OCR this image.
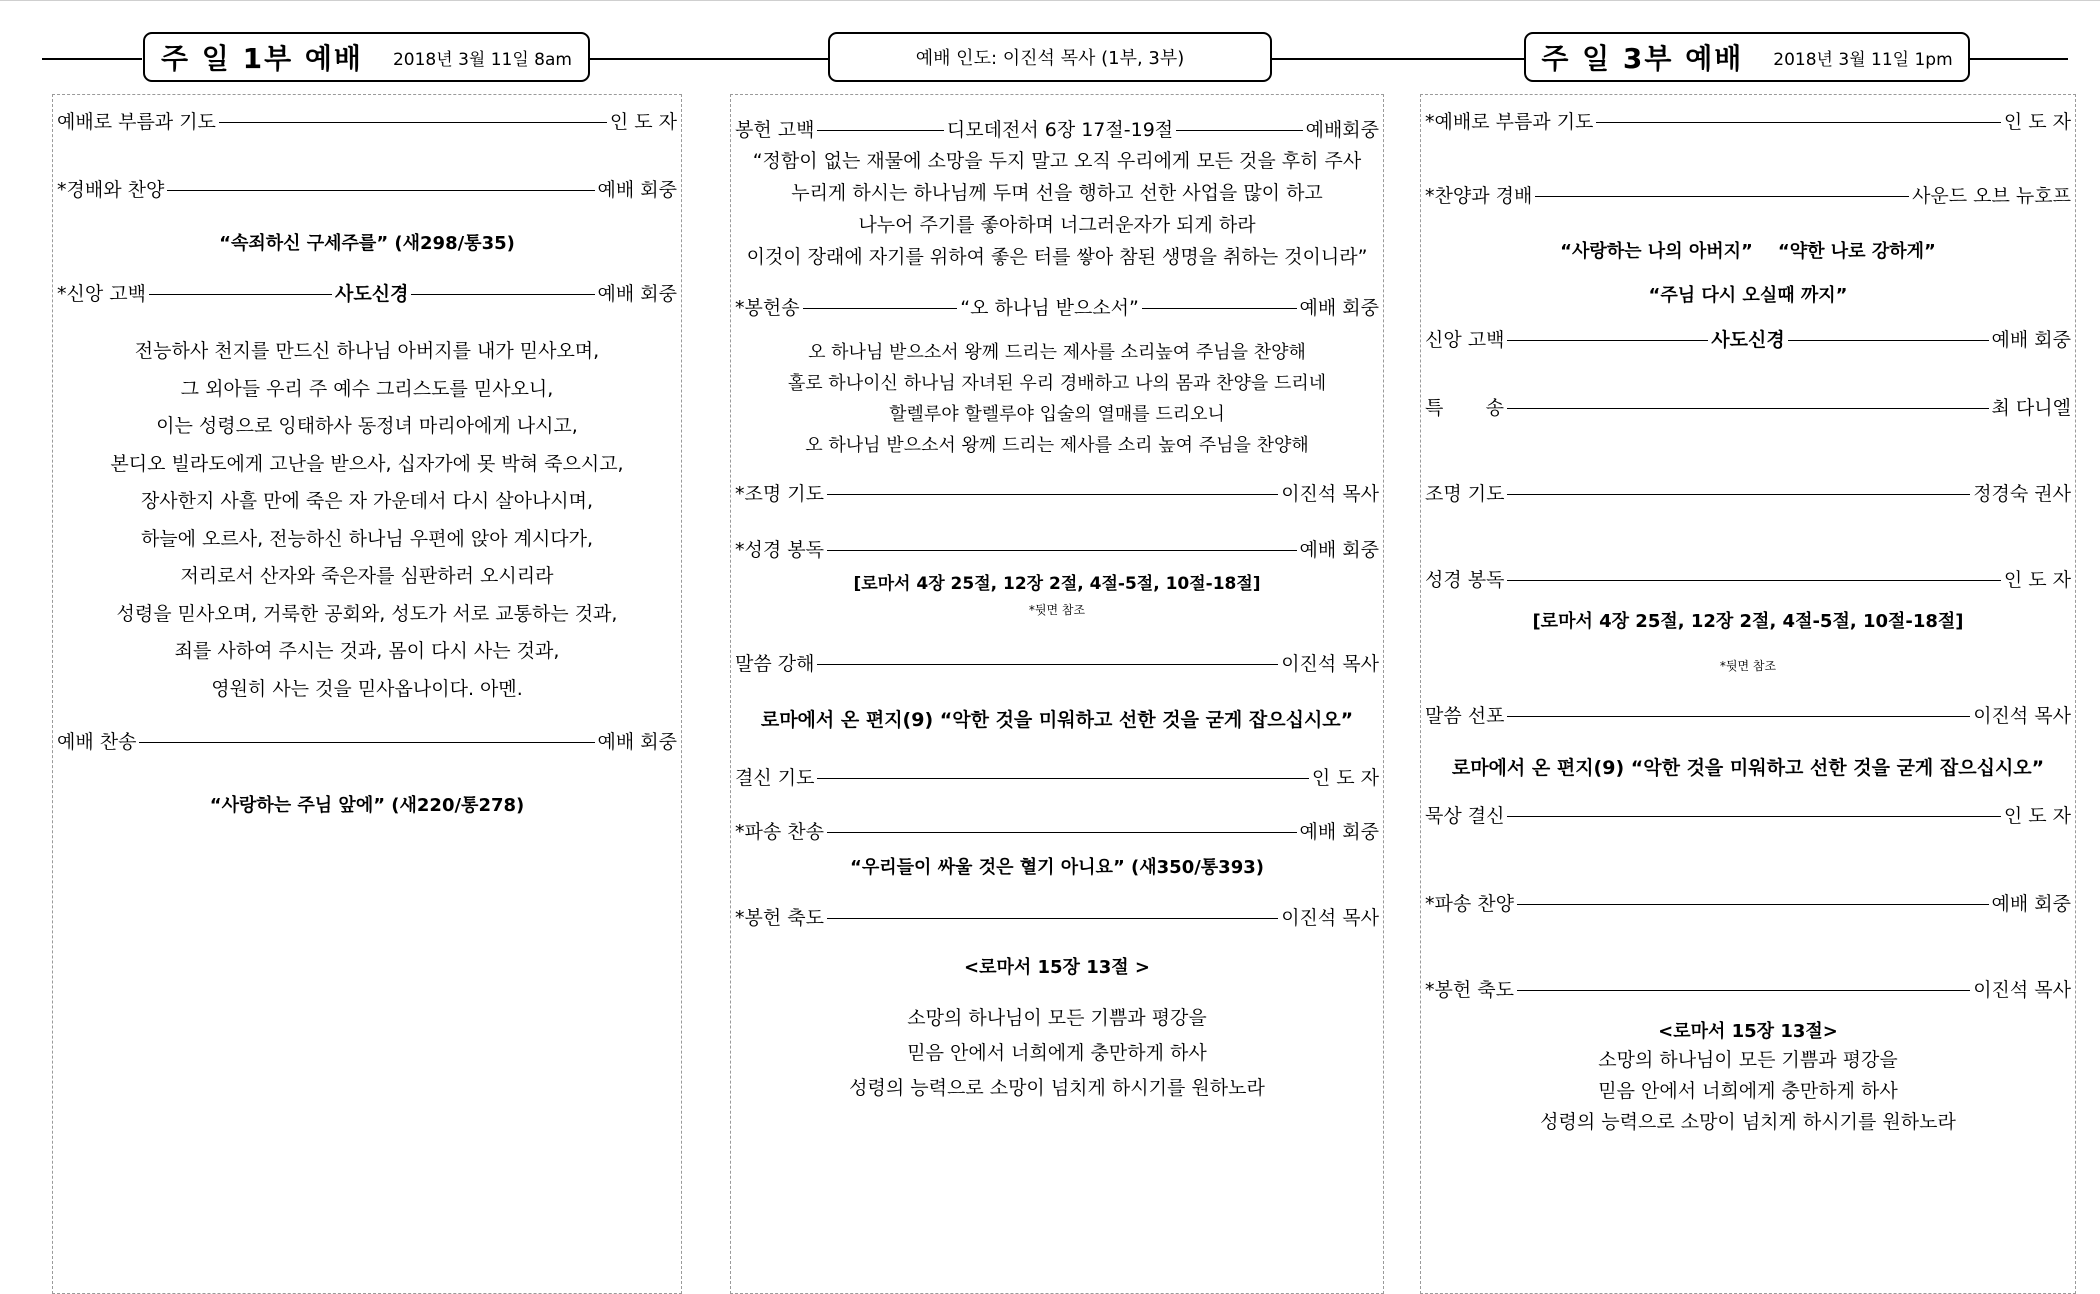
주 일 1부 예배 2018년 3월 11일 8am	예배 인도: 이진석 목사 (1부, 3부)	주 일 3부 예배 2018년 3월 11일 1pm
예배로 부름과 기도	인 도 자
*경배와 찬양	예배 회중
“속죄하신 구세주를” (새298/통35)
*신앙 고백	사도신경	예배 회중
전능하사 천지를 만드신 하나님 아버지를 내가 믿사오며,
그 외아들 우리 주 예수 그리스도를 믿사오니,
이는 성령으로 잉태하사 동정녀 마리아에게 나시고,
본디오 빌라도에게 고난을 받으사, 십자가에 못 박혀 죽으시고,
장사한지 사흘 만에 죽은 자 가운데서 다시 살아나시며,
하늘에 오르사, 전능하신 하나님 우편에 앉아 계시다가,
저리로서 산자와 죽은자를 심판하러 오시리라
성령을 믿사오며, 거룩한 공회와, 성도가 서로 교통하는 것과,
죄를 사하여 주시는 것과, 몸이 다시 사는 것과,
영원히 사는 것을 믿사옵나이다. 아멘.
예배 찬송	예배 회중
“사랑하는 주님 앞에” (새220/통278)
봉헌 고백	디모데전서 6장 17절-19절	예배회중
“정함이 없는 재물에 소망을 두지 말고 오직 우리에게 모든 것을 후히 주사
누리게 하시는 하나님께 두며 선을 행하고 선한 사업을 많이 하고
나누어 주기를 좋아하며 너그러운자가 되게 하라
이것이 장래에 자기를 위하여 좋은 터를 쌓아 참된 생명을 취하는 것이니라”
*봉헌송	“오 하나님 받으소서”	예배 회중
오 하나님 받으소서 왕께 드리는 제사를 소리높여 주님을 찬양해
홀로 하나이신 하나님 자녀된 우리 경배하고 나의 몸과 찬양을 드리네
할렐루야 할렐루야 입술의 열매를 드리오니
오 하나님 받으소서 왕께 드리는 제사를 소리 높여 주님을 찬양해
*조명 기도	이진석 목사
*성경 봉독	예배 회중
[로마서 4장 25절, 12장 2절, 4절-5절, 10절-18절]
*뒷면 참조
말씀 강해	이진석 목사
로마에서 온 편지(9) “악한 것을 미워하고 선한 것을 굳게 잡으십시오”
결신 기도	인 도 자
*파송 찬송	예배 회중
“우리들이 싸울 것은 혈기 아니요” (새350/통393)
*봉헌 축도	이진석 목사
<로마서 15장 13절 >
소망의 하나님이 모든 기쁨과 평강을
믿음 안에서 너희에게 충만하게 하사
성령의 능력으로 소망이 넘치게 하시기를 원하노라
*예배로 부름과 기도	인 도 자
*찬양과 경배	사운드 오브 뉴호프
“사랑하는 나의 아버지”    “약한 나로 강하게”
“주님 다시 오실때 까지”
신앙 고백	사도신경	예배 회중
특       송	최 다니엘
조명 기도	정경숙 권사
성경 봉독	인 도 자
[로마서 4장 25절, 12장 2절, 4절-5절, 10절-18절]
*뒷면 참조
말씀 선포	이진석 목사
로마에서 온 편지(9) “악한 것을 미워하고 선한 것을 굳게 잡으십시오”
묵상 결신	인 도 자
*파송 찬양	예배 회중
*봉헌 축도	이진석 목사
<로마서 15장 13절>
소망의 하나님이 모든 기쁨과 평강을
믿음 안에서 너희에게 충만하게 하사
성령의 능력으로 소망이 넘치게 하시기를 원하노라
